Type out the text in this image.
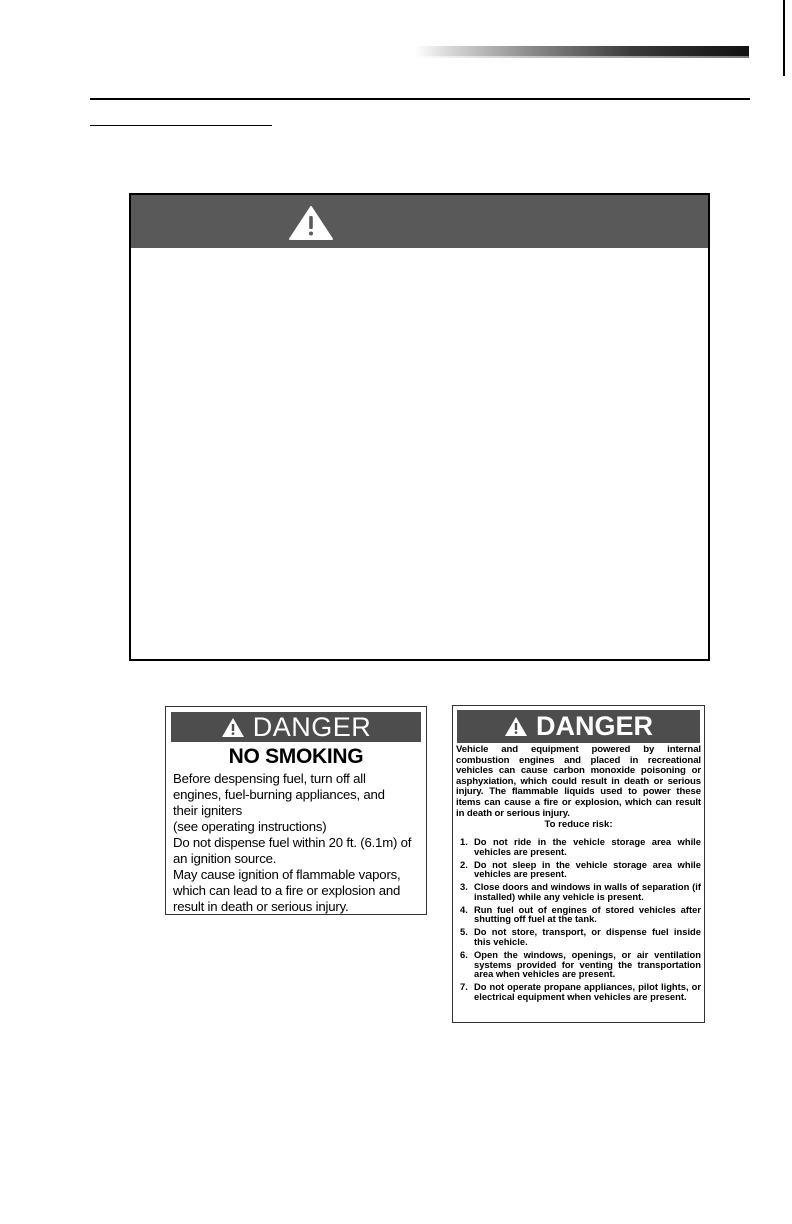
DANGER
NO SMOKING
Before despensing fuel, turn off all
engines, fuel-burning appliances, and
their igniters
(see operating instructions)
Do not dispense fuel within 20 ft. (6.1m) of
an ignition source.
May cause ignition of flammable vapors,
which can lead to a fire or explosion and
result in death or serious injury.
DANGER
Vehicle and equipment powered by internal combustion engines and placed in recreational vehicles can cause carbon monoxide poisoning or asphyxiation, which could result in death or serious injury. The flammable liquids used to power these items can cause a fire or explosion, which can result in death or serious injury.
To reduce risk:
1. Do not ride in the vehicle storage area while vehicles are present.
2. Do not sleep in the vehicle storage area while vehicles are present.
3. Close doors and windows in walls of separation (if installed) while any vehicle is present.
4. Run fuel out of engines of stored vehicles after shutting off fuel at the tank.
5. Do not store, transport, or dispense fuel inside this vehicle.
6. Open the windows, openings, or air ventilation systems provided for venting the transportation area when vehicles are present.
7. Do not operate propane appliances, pilot lights, or electrical equipment when vehicles are present.
